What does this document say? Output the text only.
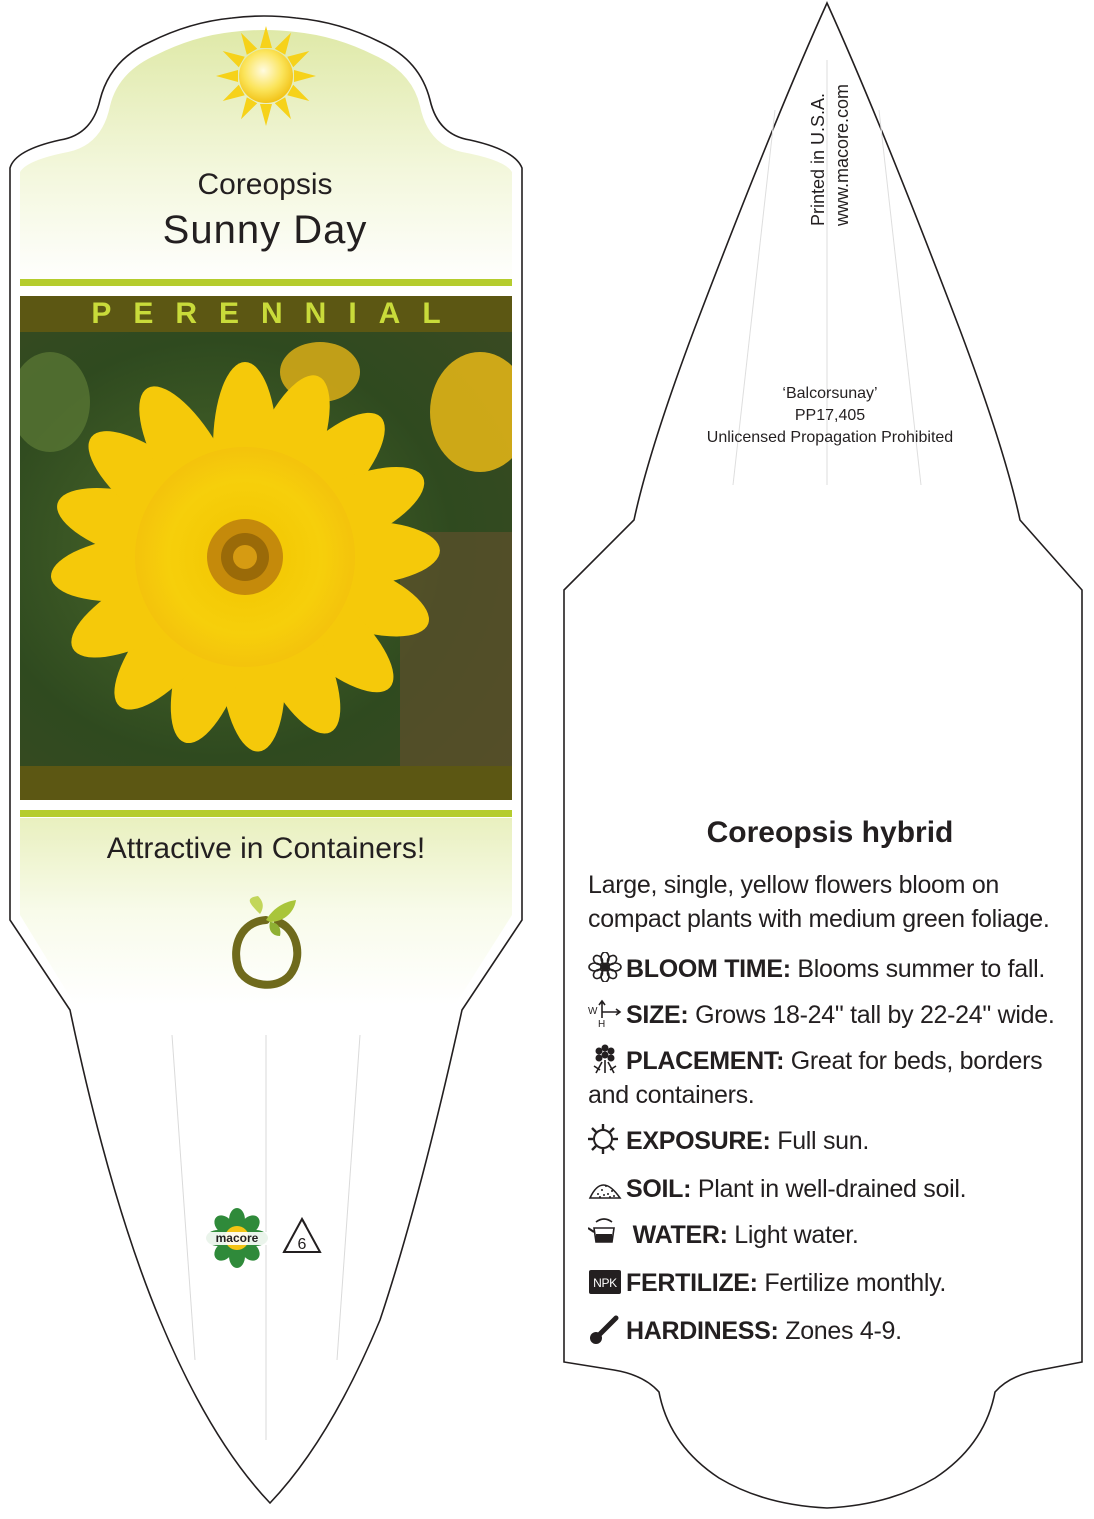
Coreopsis
Sunny Day
PERENNIAL
Attractive in Containers!
macore 6
Printed in U.S.A. www.macore.com
‘Balcorsunay’
PP17,405
Unlicensed Propagation Prohibited
Coreopsis hybrid
Large, single, yellow flowers bloom on compact plants with medium green foliage.
BLOOM TIME: Blooms summer to fall.
W
H SIZE: Grows 18-24" tall by 22-24" wide.
PLACEMENT: Great for beds, borders and containers.
EXPOSURE: Full sun.
SOIL: Plant in well-drained soil.
WATER: Light water.
NPK FERTILIZE: Fertilize monthly.
HARDINESS: Zones 4-9.
